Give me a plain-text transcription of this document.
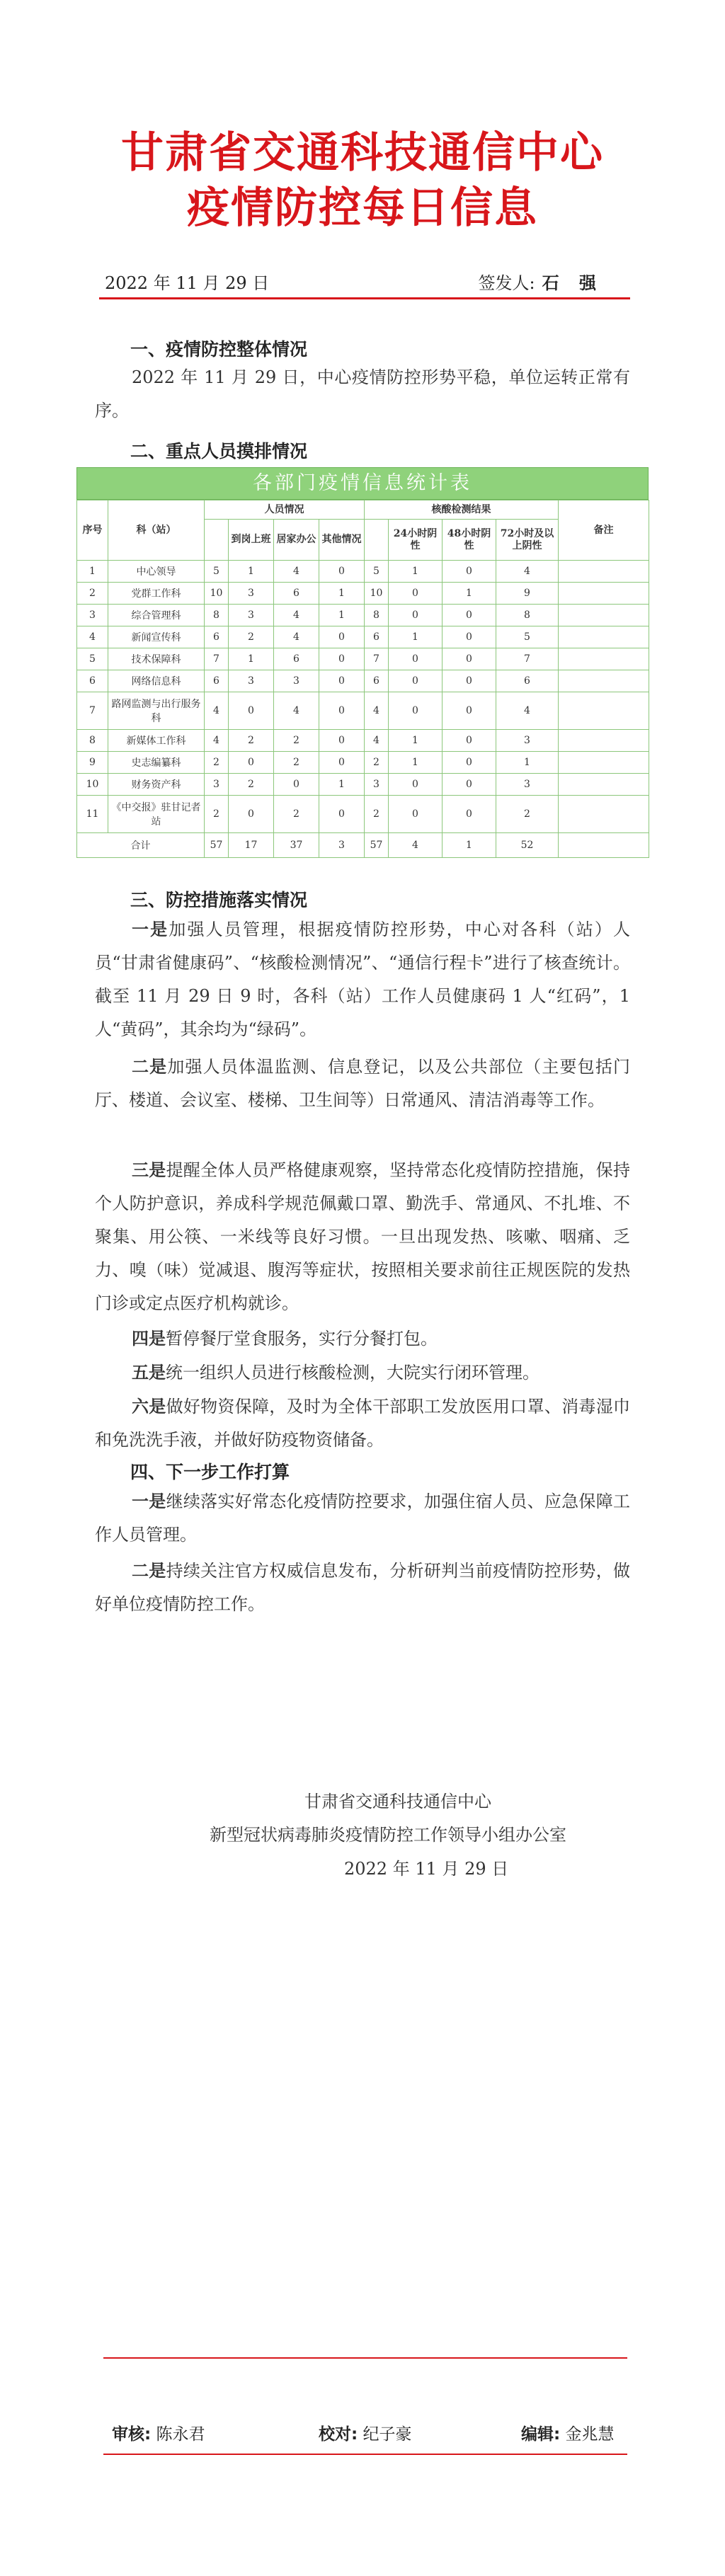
甘肃省交通科技通信中心
疫情防控每日信息
2022 年 11 月 29 日	签发人: 石 强
一、疫情防控整体情况
2022 年 11 月 29 日，中心疫情防控形势平稳，单位运转正常有序。
二、重点人员摸排情况
各部门疫情信息统计表
序号	科（站）	人员情况				核酸检测结果				备注
			到岗上班	居家办公	其他情况		24小时阴 性	48小时阴 性	72小时及以上阴性	
1	中心领导	5	1	4	0	5	1	0	4	
2	党群工作科	10	3	6	1	10	0	1	9	
3	综合管理科	8	3	4	1	8	0	0	8	
4	新闻宣传科	6	2	4	0	6	1	0	5	
5	技术保障科	7	1	6	0	7	0	0	7	
6	网络信息科	6	3	3	0	6	0	0	6	
7	路网监测与出行服务科	4	0	4	0	4	0	0	4	
8	新媒体工作科	4	2	2	0	4	1	0	3	
9	史志编纂科	2	0	2	0	2	1	0	1	
10	财务资产科	3	2	0	1	3	0	0	3	
11	《中交报》驻甘记者站	2	0	2	0	2	0	0	2	
合计		57	17	37	3	57	4	1	52	
三、防控措施落实情况
一是加强人员管理，根据疫情防控形势，中心对各科（站）人员“甘肃省健康码”、“核酸检测情况”、“通信行程卡”进行了核查统计。截至 11 月 29 日 9 时，各科（站）工作人员健康码 1 人“红码”，1 人“黄码”，其余均为“绿码”。
二是加强人员体温监测、信息登记，以及公共部位（主要包括门厅、楼道、会议室、楼梯、卫生间等）日常通风、清洁消毒等工作。
三是提醒全体人员严格健康观察，坚持常态化疫情防控措施，保持个人防护意识，养成科学规范佩戴口罩、勤洗手、常通风、不扎堆、不聚集、用公筷、一米线等良好习惯。一旦出现发热、咳嗽、咽痛、乏力、嗅（味）觉减退、腹泻等症状，按照相关要求前往正规医院的发热门诊或定点医疗机构就诊。
四是暂停餐厅堂食服务，实行分餐打包。
五是统一组织人员进行核酸检测，大院实行闭环管理。
六是做好物资保障，及时为全体干部职工发放医用口罩、消毒湿巾和免洗洗手液，并做好防疫物资储备。
四、下一步工作打算
一是继续落实好常态化疫情防控要求，加强住宿人员、应急保障工作人员管理。
二是持续关注官方权威信息发布，分析研判当前疫情防控形势，做好单位疫情防控工作。
甘肃省交通科技通信中心
新型冠状病毒肺炎疫情防控工作领导小组办公室
2022 年 11 月 29 日
审核: 陈永君	校对: 纪子豪	编辑: 金兆慧
